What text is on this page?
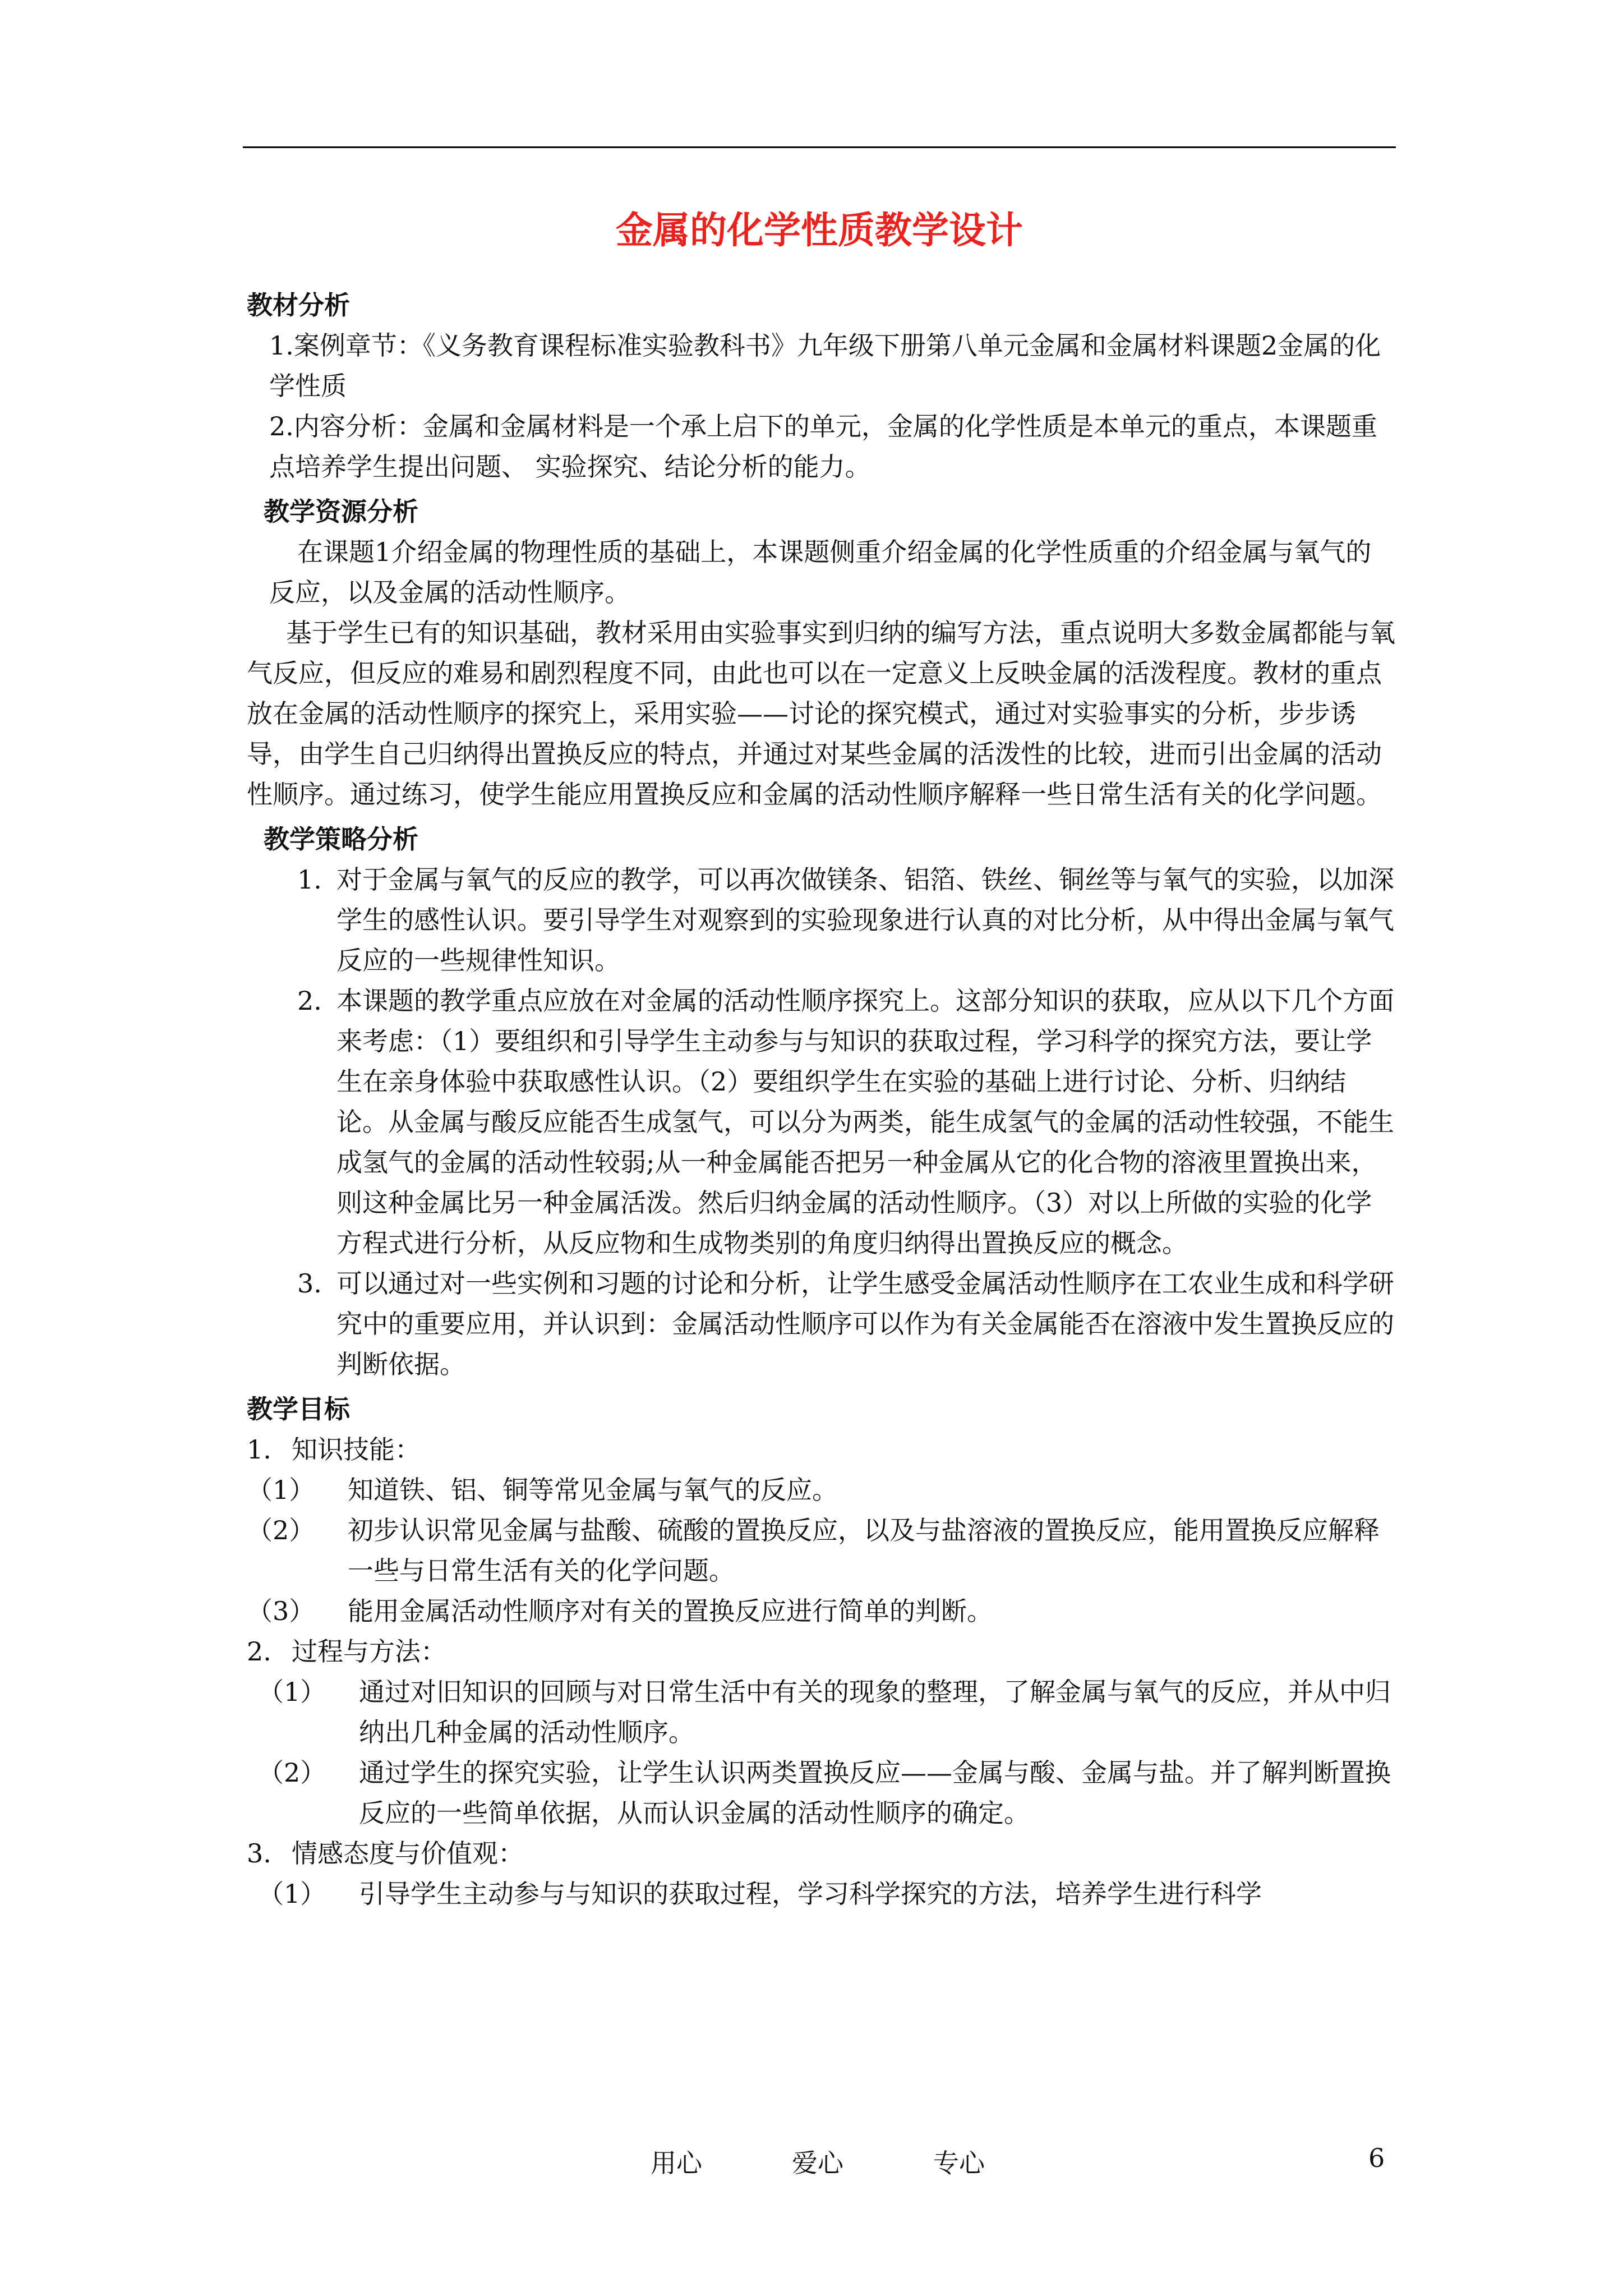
金属的化学性质教学设计
教材分析

1.案例章节：《义务教育课程标准实验教科书》九年级下册第八单元金属和金属材料课题2金属的化学性质

2.内容分析：金属和金属材料是一个承上启下的单元，金属的化学性质是本单元的重点，本课题重点培养学生提出问题、 实验探究、结论分析的能力。

教学资源分析

在课题1介绍金属的物理性质的基础上，本课题侧重介绍金属的化学性质重的介绍金属与氧气的反应，以及金属的活动性顺序。

基于学生已有的知识基础，教材采用由实验事实到归纳的编写方法，重点说明大多数金属都能与氧气反应，但反应的难易和剧烈程度不同，由此也可以在一定意义上反映金属的活泼程度。教材的重点放在金属的活动性顺序的探究上，采用实验——讨论的探究模式，通过对实验事实的分析，步步诱导，由学生自己归纳得出置换反应的特点，并通过对某些金属的活泼性的比较，进而引出金属的活动性顺序。通过练习，使学生能应用置换反应和金属的活动性顺序解释一些日常生活有关的化学问题。

教学策略分析
1. 对于金属与氧气的反应的教学，可以再次做镁条、铝箔、铁丝、铜丝等与氧气的实验，以加深学生的感性认识。要引导学生对观察到的实验现象进行认真的对比分析，从中得出金属与氧气反应的一些规律性知识。
2. 本课题的教学重点应放在对金属的活动性顺序探究上。这部分知识的获取，应从以下几个方面来考虑：（1）要组织和引导学生主动参与与知识的获取过程，学习科学的探究方法，要让学生在亲身体验中获取感性认识。（2）要组织学生在实验的基础上进行讨论、分析、归纳结论。从金属与酸反应能否生成氢气，可以分为两类，能生成氢气的金属的活动性较强，不能生成氢气的金属的活动性较弱;从一种金属能否把另一种金属从它的化合物的溶液里置换出来，则这种金属比另一种金属活泼。然后归纳金属的活动性顺序。（3）对以上所做的实验的化学方程式进行分析，从反应物和生成物类别的角度归纳得出置换反应的概念。
3. 可以通过对一些实例和习题的讨论和分析，让学生感受金属活动性顺序在工农业生成和科学研究中的重要应用，并认识到：金属活动性顺序可以作为有关金属能否在溶液中发生置换反应的判断依据。
教学目标
1. 知识技能：
（1） 知道铁、铝、铜等常见金属与氧气的反应。
（2） 初步认识常见金属与盐酸、硫酸的置换反应，以及与盐溶液的置换反应，能用置换反应解释一些与日常生活有关的化学问题。
（3） 能用金属活动性顺序对有关的置换反应进行简单的判断。
2. 过程与方法：
（1） 通过对旧知识的回顾与对日常生活中有关的现象的整理，了解金属与氧气的反应，并从中归纳出几种金属的活动性顺序。
（2） 通过学生的探究实验，让学生认识两类置换反应——金属与酸、金属与盐。并了解判断置换反应的一些简单依据，从而认识金属的活动性顺序的确定。
3. 情感态度与价值观：
（1） 引导学生主动参与与知识的获取过程，学习科学探究的方法，培养学生进行科学
用心	爱心	专心	6
